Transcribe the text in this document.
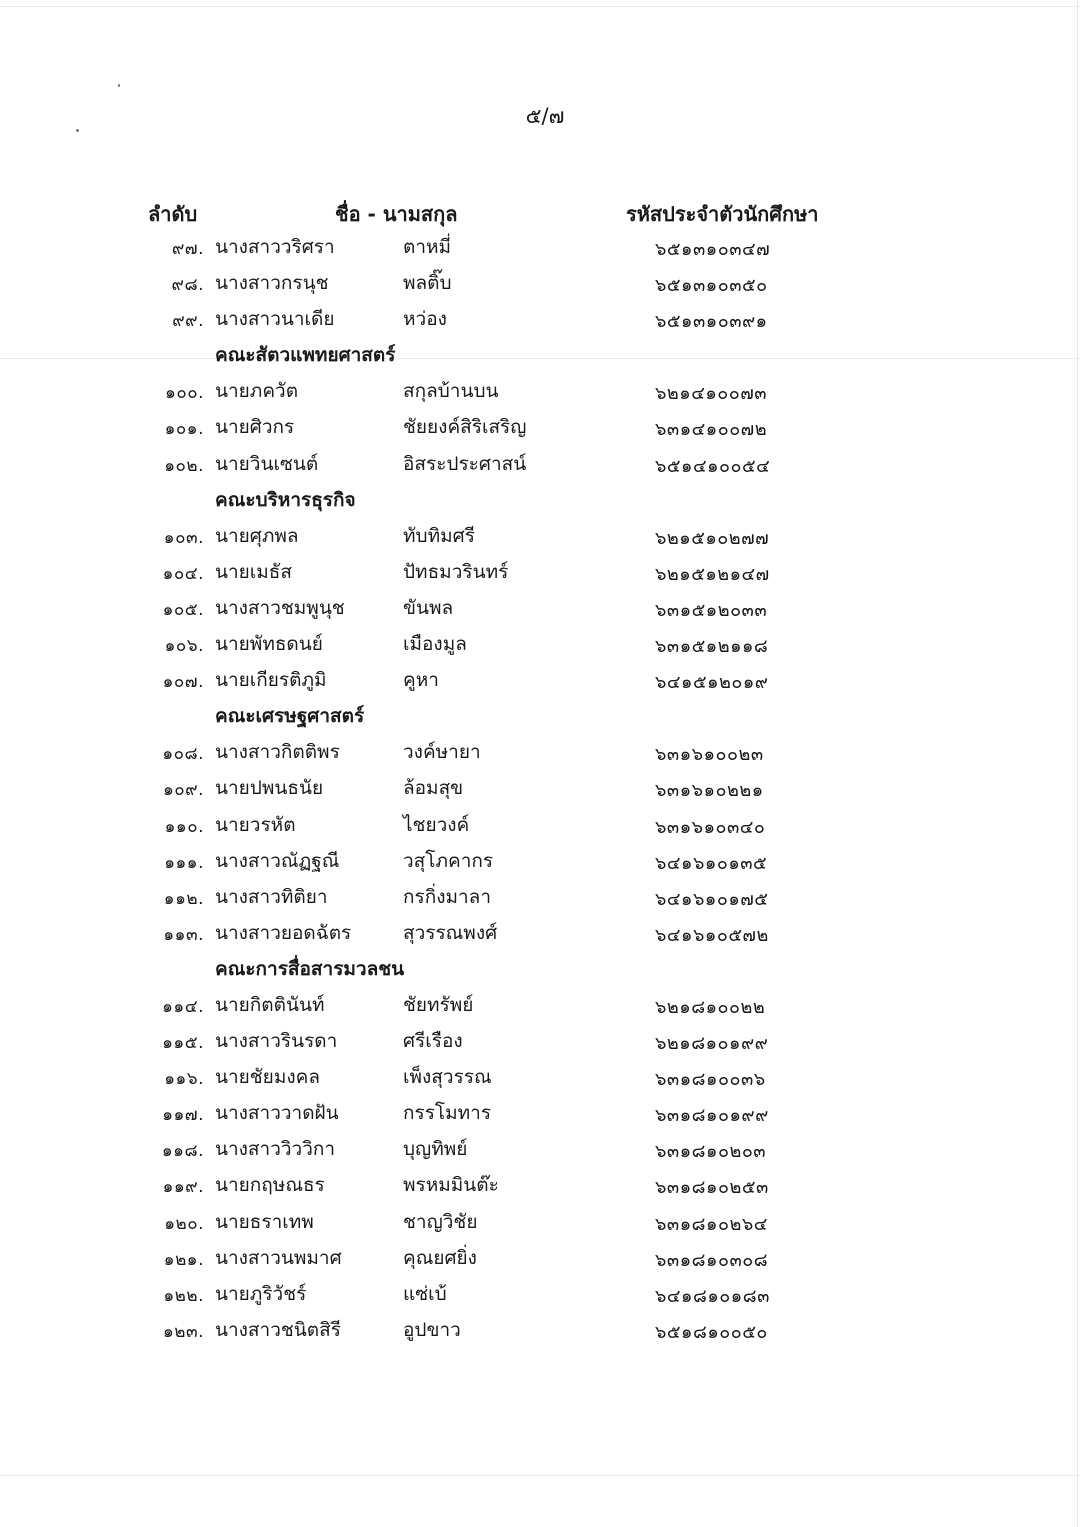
๕/๗
ลำดับ	ชื่อ - นามสกุล	รหัสประจำตัวนักศึกษา
๙๗. นางสาววริศรา	ตาหมี่	๖๕๑๓๑๐๓๔๗
๙๘. นางสาวกรนุช	พลติ๊บ	๖๕๑๓๑๐๓๕๐
๙๙. นางสาวนาเดีย	หว่อง	๖๕๑๓๑๐๓๙๑
คณะสัตวแพทยศาสตร์
๑๐๐. นายภควัต	สกุลบ้านบน	๖๒๑๔๑๐๐๗๓
๑๐๑. นายศิวกร	ชัยยงค์สิริเสริญ	๖๓๑๔๑๐๐๗๒
๑๐๒. นายวินเซนต์	อิสระประศาสน์	๖๕๑๔๑๐๐๕๔
คณะบริหารธุรกิจ
๑๐๓. นายศุภพล	ทับทิมศรี	๖๒๑๕๑๐๒๗๗
๑๐๔. นายเมธัส	ปัทธมวรินทร์	๖๒๑๕๑๒๑๔๗
๑๐๕. นางสาวชมพูนุช	ขันพล	๖๓๑๕๑๒๐๓๓
๑๐๖. นายพัทธดนย์	เมืองมูล	๖๓๑๕๑๒๑๑๘
๑๐๗. นายเกียรติภูมิ	คูหา	๖๔๑๕๑๒๐๑๙
คณะเศรษฐศาสตร์
๑๐๘. นางสาวกิตติพร	วงค์ษายา	๖๓๑๖๑๐๐๒๓
๑๐๙. นายปพนธนัย	ล้อมสุข	๖๓๑๖๑๐๒๒๑
๑๑๐. นายวรหัต	ไชยวงค์	๖๓๑๖๑๐๓๔๐
๑๑๑. นางสาวณัฏฐณี	วสุโภคากร	๖๔๑๖๑๐๑๓๕
๑๑๒. นางสาวทิติยา	กรกิ่งมาลา	๖๔๑๖๑๐๑๗๕
๑๑๓. นางสาวยอดฉัตร	สุวรรณพงศ์	๖๔๑๖๑๐๕๗๒
คณะการสื่อสารมวลชน
๑๑๔. นายกิตตินันท์	ชัยทรัพย์	๖๒๑๘๑๐๐๒๒
๑๑๕. นางสาวรินรดา	ศรีเรือง	๖๒๑๘๑๐๑๙๙
๑๑๖. นายชัยมงคล	เพ็งสุวรรณ	๖๓๑๘๑๐๐๓๖
๑๑๗. นางสาววาดฝัน	กรรโมทาร	๖๓๑๘๑๐๑๙๙
๑๑๘. นางสาววิววิกา	บุญทิพย์	๖๓๑๘๑๐๒๐๓
๑๑๙. นายกฤษณธร	พรหมมินต๊ะ	๖๓๑๘๑๐๒๕๓
๑๒๐. นายธราเทพ	ชาญวิชัย	๖๓๑๘๑๐๒๖๔
๑๒๑. นางสาวนพมาศ	คุณยศยิ่ง	๖๓๑๘๑๐๓๐๘
๑๒๒. นายภูริวัชร์	แซ่เบ้	๖๔๑๘๑๐๑๘๓
๑๒๓. นางสาวชนิตสิรี	อูปขาว	๖๕๑๘๑๐๐๕๐
